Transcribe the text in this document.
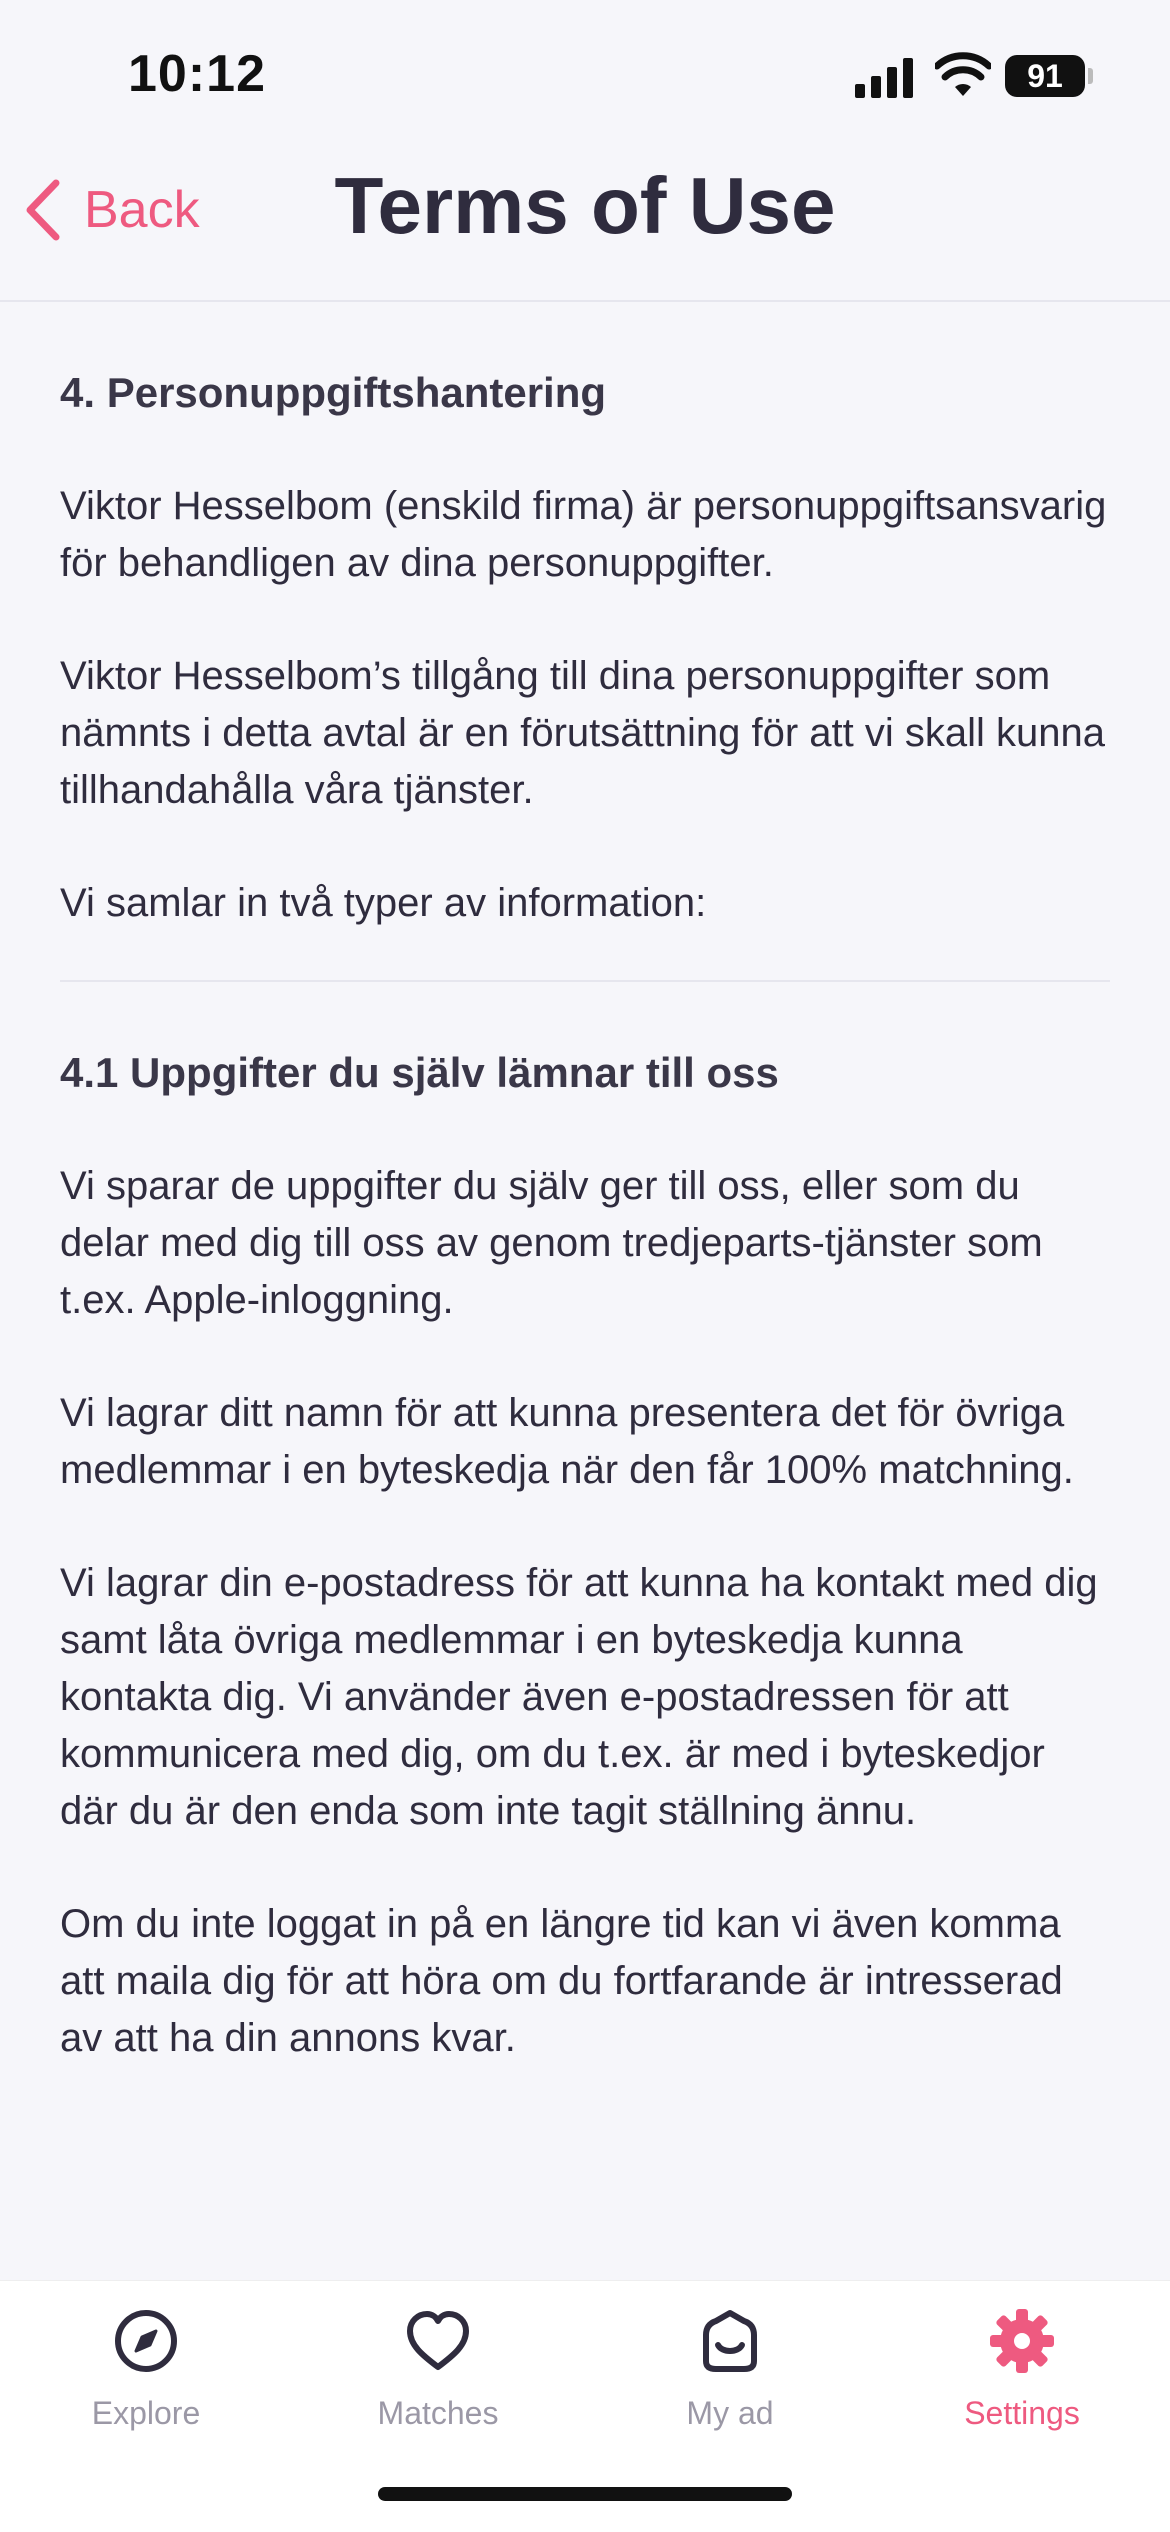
10:12	91
Terms of Use
Back
4. Personuppgiftshantering

Viktor Hesselbom (enskild firma) är personuppgiftsansvarig för behandligen av dina personuppgifter.

Viktor Hesselbom’s tillgång till dina personuppgifter som nämnts i detta avtal är en förutsättning för att vi skall kunna tillhandahålla våra tjänster.

Vi samlar in två typer av information:

4.1 Uppgifter du själv lämnar till oss

Vi sparar de uppgifter du själv ger till oss, eller som du delar med dig till oss av genom tredjeparts-tjänster som t.ex. Apple-inloggning.

Vi lagrar ditt namn för att kunna presentera det för övriga medlemmar i en byteskedja när den får 100% matchning.

Vi lagrar din e-postadress för att kunna ha kontakt med dig samt låta övriga medlemmar i en byteskedja kunna kontakta dig. Vi använder även e-postadressen för att kommunicera med dig, om du t.ex. är med i byteskedjor där du är den enda som inte tagit ställning ännu.

Om du inte loggat in på en längre tid kan vi även komma att maila dig för att höra om du fortfarande är intresserad av att ha din annons kvar.

Explore	Matches	My ad	Settings
